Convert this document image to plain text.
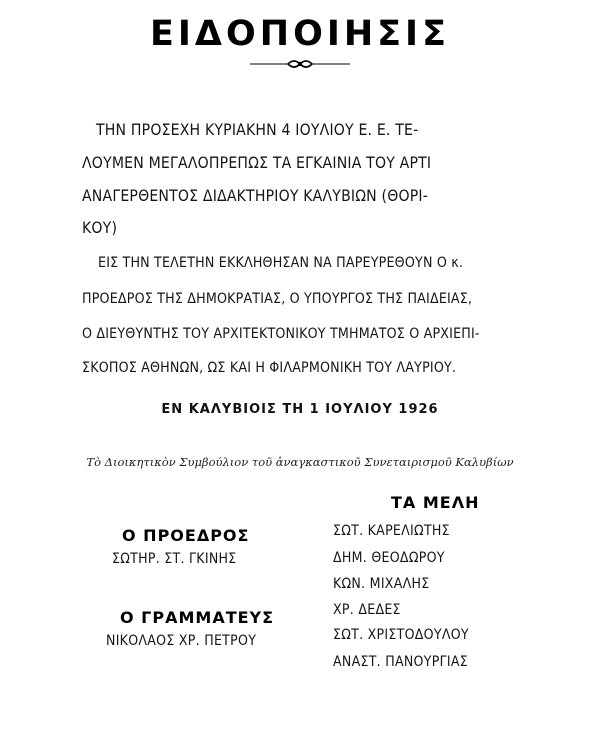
ΕΙΔΟΠΟΙΗΣΙΣ
ΤΗΝ ΠΡΟΣΕΧΗ ΚΥΡΙΑΚΗΝ 4 ΙΟΥΛΙΟΥ Ε. Ε. ΤΕ-
ΛΟΥΜΕΝ ΜΕΓΑΛΟΠΡΕΠΩΣ ΤΑ ΕΓΚΑΙΝΙΑ ΤΟΥ ΑΡΤΙ
ΑΝΑΓΕΡΘΕΝΤΟΣ ΔΙΔΑΚΤΗΡΙΟΥ ΚΑΛΥΒΙΩΝ (ΘΟΡΙ-
ΚΟΥ)
ΕΙΣ ΤΗΝ ΤΕΛΕΤΗΝ ΕΚΚΛΗΘΗΣΑΝ ΝΑ ΠΑΡΕΥΡΕΘΟΥΝ Ο κ.
ΠΡΟΕΔΡΟΣ ΤΗΣ ΔΗΜΟΚΡΑΤΙΑΣ, Ο ΥΠΟΥΡΓΟΣ ΤΗΣ ΠΑΙΔΕΙΑΣ,
Ο ΔΙΕΥΘΥΝΤΗΣ ΤΟΥ ΑΡΧΙΤΕΚΤΟΝΙΚΟΥ ΤΜΗΜΑΤΟΣ Ο ΑΡΧΙΕΠΙ-
ΣΚΟΠΟΣ ΑΘΗΝΩΝ, ΩΣ ΚΑΙ Η ΦΙΛΑΡΜΟΝΙΚΗ ΤΟΥ ΛΑΥΡΙΟΥ.
ΕΝ ΚΑΛΥΒΙΟΙΣ ΤΗ 1 ΙΟΥΛΙΟΥ 1926
Τὸ Διοικητικὸν Συμβούλιον τοῦ ἀναγκαστικοῦ Συνεταιρισμοῦ Καλυβίων
ΤΑ ΜΕΛΗ
Ο ΠΡΟΕΔΡΟΣ
ΣΩΤΗΡ. ΣΤ. ΓΚΙΝΗΣ
Ο ΓΡΑΜΜΑΤΕΥΣ
ΝΙΚΟΛΑΟΣ ΧΡ. ΠΕΤΡΟΥ
ΣΩΤ. ΚΑΡΕΛΙΩΤΗΣ
ΔΗΜ. ΘΕΟΔΩΡΟΥ
ΚΩΝ. ΜΙΧΑΛΗΣ
ΧΡ. ΔΕΔΕΣ
ΣΩΤ. ΧΡΙΣΤΟΔΟΥΛΟΥ
ΑΝΑΣΤ. ΠΑΝΟΥΡΓΙΑΣ
